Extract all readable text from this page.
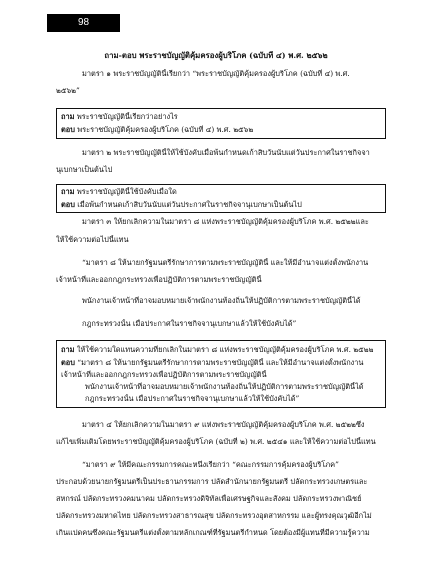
98
ถาม-ตอบ พระราชบัญญัติคุ้มครองผู้บริโภค (ฉบับที่ ๔) พ.ศ. ๒๕๖๒
มาตรา ๑ พระราชบัญญัตินี้เรียกว่า “พระราชบัญญัติคุ้มครองผู้บริโภค (ฉบับที่ ๔) พ.ศ.
๒๕๖๒”
ถาม พระราชบัญญัตินี้เรียกว่าอย่างไร
ตอบ พระราชบัญญัติคุ้มครองผู้บริโภค (ฉบับที่ ๔) พ.ศ. ๒๕๖๒
มาตรา ๒ พระราชบัญญัตินี้ให้ใช้บังคับเมื่อพ้นกำหนดเก้าสิบวันนับแต่วันประกาศในราชกิจจา
นุเบกษาเป็นต้นไป
ถาม พระราชบัญญัตินี้ใช้บังคับเมื่อใด
ตอบ เมื่อพ้นกำหนดเก้าสิบวันนับแต่วันประกาศในราชกิจจานุเบกษาเป็นต้นไป
มาตรา ๓ ให้ยกเลิกความในมาตรา ๘ แห่งพระราชบัญญัติคุ้มครองผู้บริโภค พ.ศ. ๒๕๒๒และ
ให้ใช้ความต่อไปนี้แทน
“มาตรา ๘ ให้นายกรัฐมนตรีรักษาการตามพระราชบัญญัตินี้ และให้มีอำนาจแต่งตั้งพนักงาน
เจ้าหน้าที่และออกกฎกระทรวงเพื่อปฏิบัติการตามพระราชบัญญัตินี้
พนักงานเจ้าหน้าที่อาจมอบหมายเจ้าพนักงานท้องถิ่นให้ปฏิบัติการตามพระราชบัญญัตินี้ได้
กฎกระทรวงนั้น เมื่อประกาศในราชกิจจานุเบกษาแล้วให้ใช้บังคับได้”
ถาม ให้ใช้ความใดแทนความที่ยกเลิกในมาตรา ๘ แห่งพระราชบัญญัติคุ้มครองผู้บริโภค พ.ศ. ๒๕๒๒
ตอบ “มาตรา ๘ ให้นายกรัฐมนตรีรักษาการตามพระราชบัญญัตินี้ และให้มีอำนาจแต่งตั้งพนักงาน
เจ้าหน้าที่และออกกฎกระทรวงเพื่อปฏิบัติการตามพระราชบัญญัตินี้
พนักงานเจ้าหน้าที่อาจมอบหมายเจ้าพนักงานท้องถิ่นให้ปฏิบัติการตามพระราชบัญญัตินี้ได้
กฎกระทรวงนั้น เมื่อประกาศในราชกิจจานุเบกษาแล้วให้ใช้บังคับได้”
มาตรา ๔ ให้ยกเลิกความในมาตรา ๙ แห่งพระราชบัญญัติคุ้มครองผู้บริโภค พ.ศ. ๒๕๒๒ซึ่ง
แก้ไขเพิ่มเติมโดยพระราชบัญญัติคุ้มครองผู้บริโภค (ฉบับที่ ๒) พ.ศ. ๒๕๔๑ และให้ใช้ความต่อไปนี้แทน
“มาตรา ๙ ให้มีคณะกรรมการคณะหนึ่งเรียกว่า “คณะกรรมการคุ้มครองผู้บริโภค”
ประกอบด้วยนายกรัฐมนตรีเป็นประธานกรรมการ ปลัดสำนักนายกรัฐมนตรี ปลัดกระทรวงเกษตรและ
สหกรณ์ ปลัดกระทรวงคมนาคม ปลัดกระทรวงดิจิทัลเพื่อเศรษฐกิจและสังคม ปลัดกระทรวงพาณิชย์
ปลัดกระทรวงมหาดไทย ปลัดกระทรวงสาธารณสุข ปลัดกระทรวงอุตสาหกรรม และผู้ทรงคุณวุฒิอีกไม่
เกินแปดคนซึ่งคณะรัฐมนตรีแต่งตั้งตามหลักเกณฑ์ที่รัฐมนตรีกำหนด โดยต้องมีผู้แทนที่มีความรู้ความ
